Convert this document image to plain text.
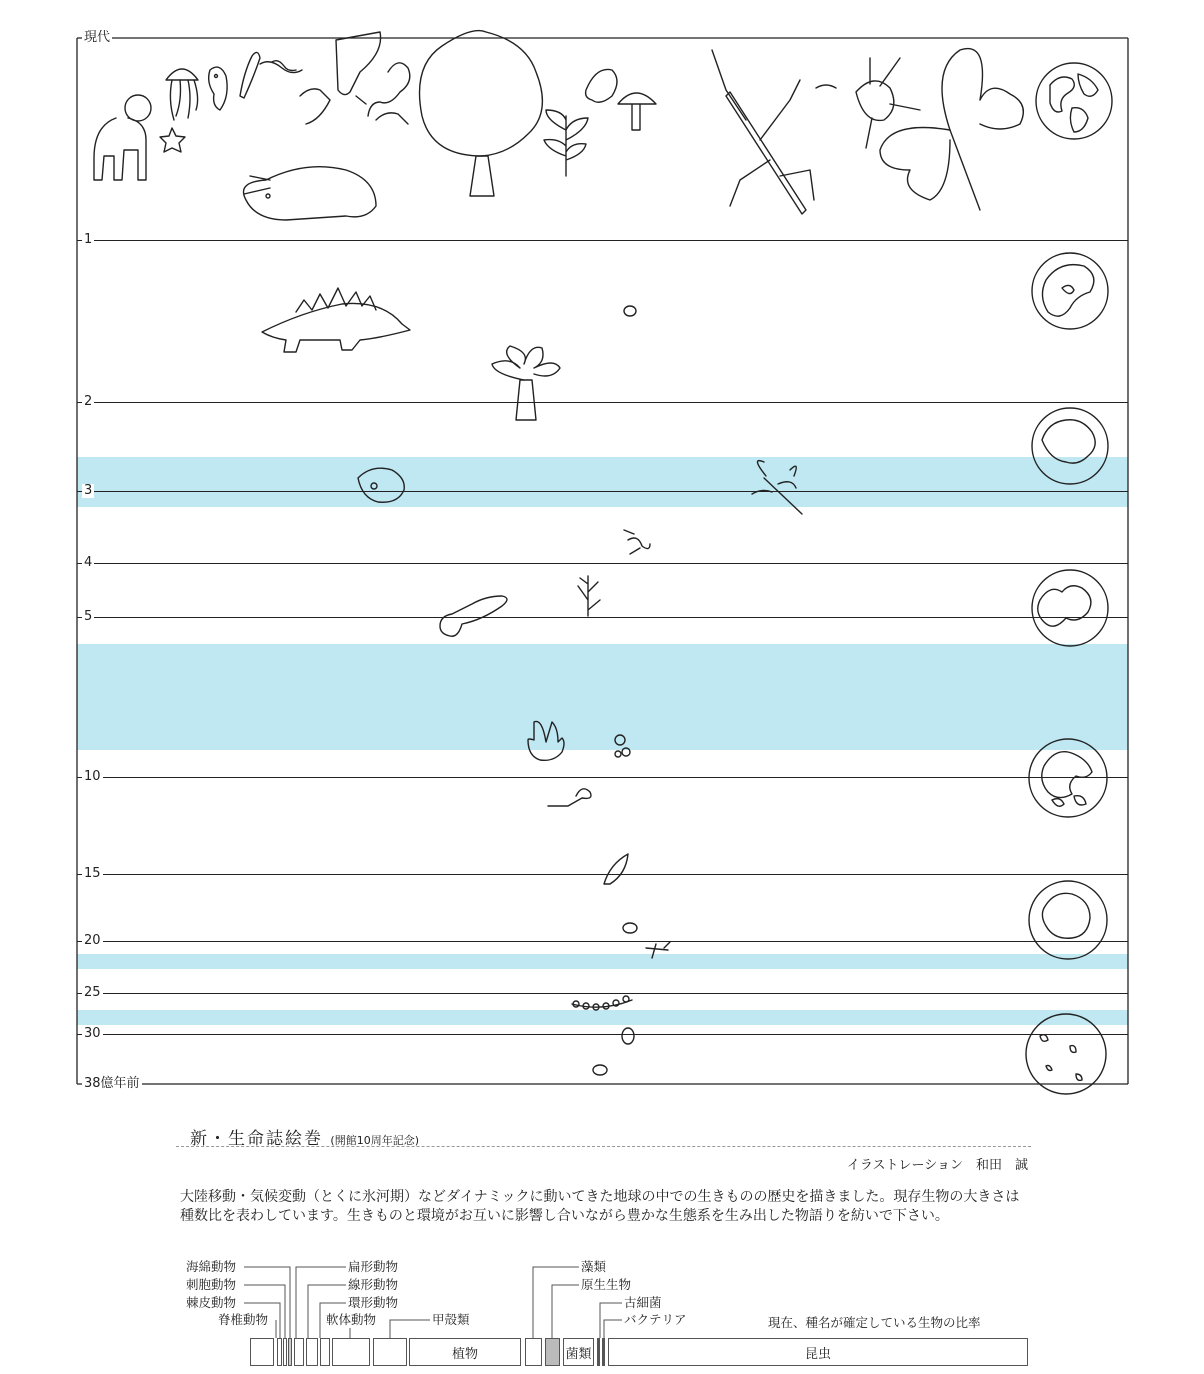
現代
1
2
3
4
5
10
15
20
25
30
38億年前
新・生命誌絵巻 (開館10周年記念)
イラストレーション　和田　誠
大陸移動・気候変動（とくに氷河期）などダイナミックに動いてきた地球の中での生きものの歴史を描きました。現存生物の大きさは種数比を表わしています。生きものと環境がお互いに影響し合いながら豊かな生態系を生み出した物語りを紡いで下さい。
海綿動物
刺胞動物
棘皮動物
脊椎動物
扁形動物
線形動物
環形動物
軟体動物	甲殻類
藻類
原生生物
古細菌
バクテリア	現在、種名が確定している生物の比率
植物	菌類	昆虫
